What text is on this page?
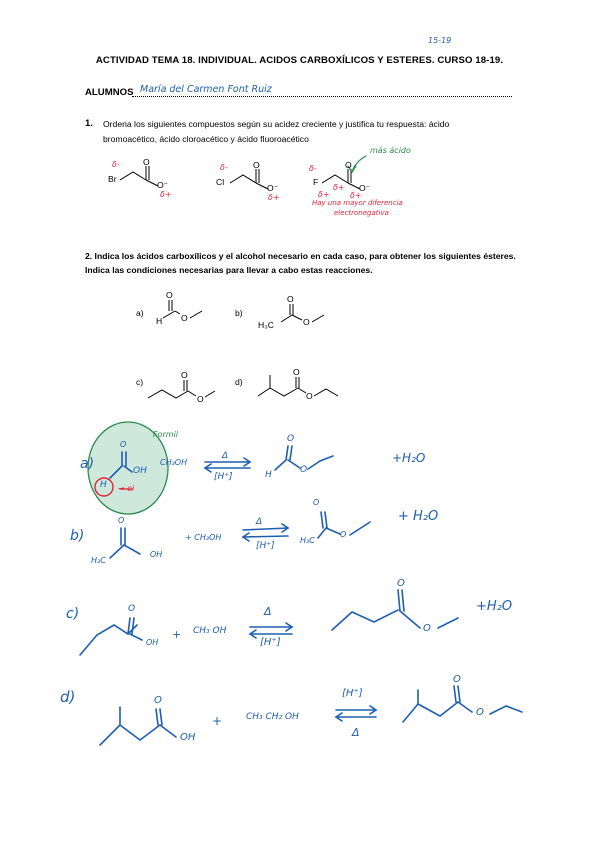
15-19
ACTIVIDAD TEMA 18. INDIVIDUAL. ACIDOS CARBOXÍLICOS Y ESTERES. CURSO 18-19.
ALUMNOS María del Carmen Font Ruiz
1. Ordena los siguientes compuestos según su acidez creciente y justifica tu respuesta: ácido
bromoacético, ácido cloroacético y ácido fluoroacético
Br
O
O⁻	Cl
O
O⁻
F
O
O⁻
δ-
δ+
δ-
δ+
δ-
δ+
δ+
δ+
más ácido
Hay una mayor diferencia
electronegativa
2. Indica los ácidos carboxílicos y el alcohol necesario en cada caso, para obtener los siguientes ésteres.
Indica las condiciones necesarias para llevar a cabo estas reacciones.
a)
O
H O	b)
O
H₃C	O
c)
O
O
d)
O
O
Formil
a)
O
OH
H → oi
CH₃OH
Δ
[H⁺]
O
H	O
+H₂O
b)
O
H₃C
OH
+ CH₃OH
Δ
[H⁺]
O
H₃C
O
+ H₂O
c)	O
OH
+ CH₃ OH
Δ
[H⁺]
O
O
+H₂O
d)	O
OH
+	CH₃ CH₂ OH
[H⁺]
Δ
O
O
